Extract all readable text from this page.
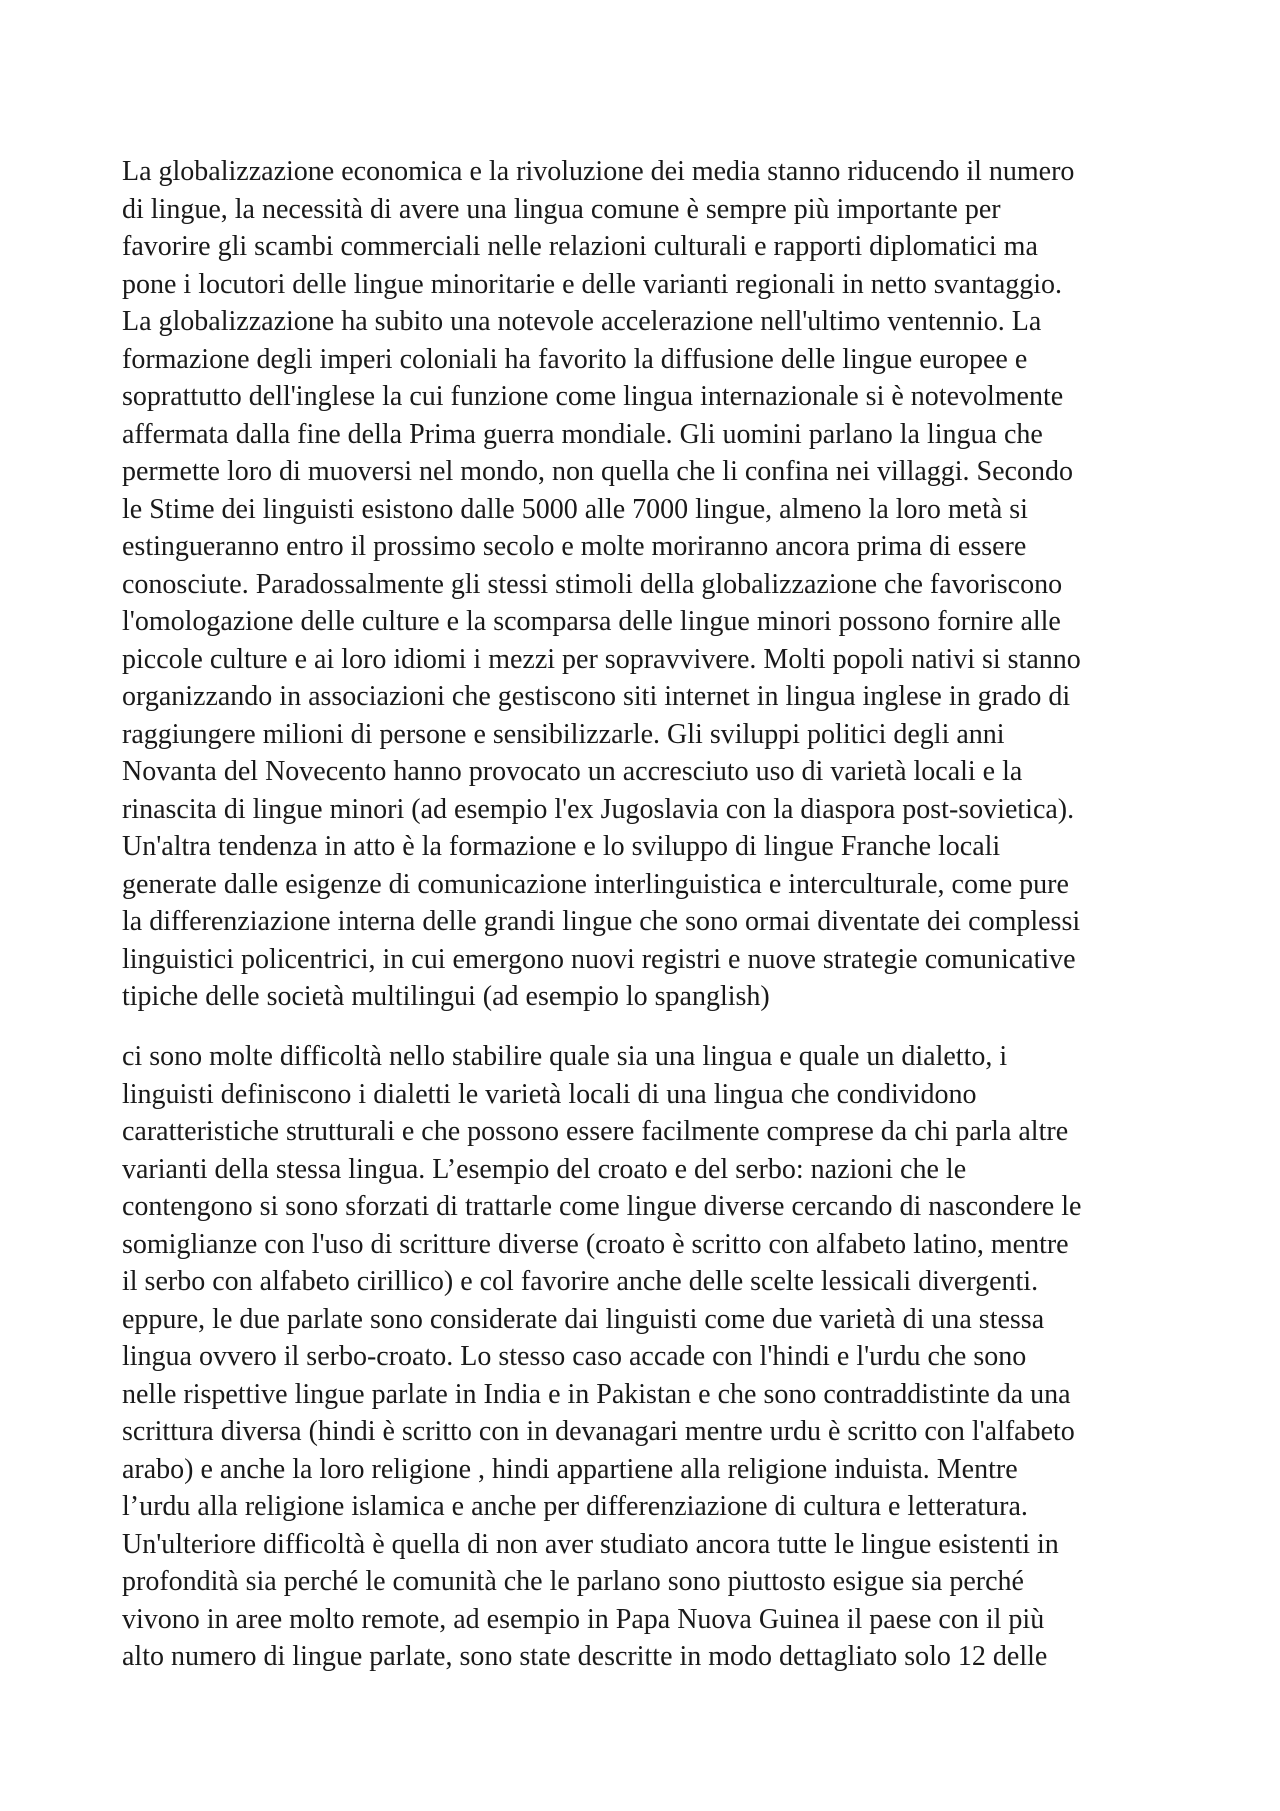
La globalizzazione economica e la rivoluzione dei media stanno riducendo il numero
di lingue, la necessità di avere una lingua comune è sempre più importante per
favorire gli scambi commerciali nelle relazioni culturali e rapporti diplomatici ma
pone i locutori delle lingue minoritarie e delle varianti regionali in netto svantaggio.
La globalizzazione ha subito una notevole accelerazione nell'ultimo ventennio. La
formazione degli imperi coloniali ha favorito la diffusione delle lingue europee e
soprattutto dell'inglese la cui funzione come lingua internazionale si è notevolmente
affermata dalla fine della Prima guerra mondiale. Gli uomini parlano la lingua che
permette loro di muoversi nel mondo, non quella che li confina nei villaggi. Secondo
le Stime dei linguisti esistono dalle 5000 alle 7000 lingue, almeno la loro metà si
estingueranno entro il prossimo secolo e molte moriranno ancora prima di essere
conosciute. Paradossalmente gli stessi stimoli della globalizzazione che favoriscono
l'omologazione delle culture e la scomparsa delle lingue minori possono fornire alle
piccole culture e ai loro idiomi i mezzi per sopravvivere. Molti popoli nativi si stanno
organizzando in associazioni che gestiscono siti internet in lingua inglese in grado di
raggiungere milioni di persone e sensibilizzarle. Gli sviluppi politici degli anni
Novanta del Novecento hanno provocato un accresciuto uso di varietà locali e la
rinascita di lingue minori (ad esempio l'ex Jugoslavia con la diaspora post-sovietica).
Un'altra tendenza in atto è la formazione e lo sviluppo di lingue Franche locali
generate dalle esigenze di comunicazione interlinguistica e interculturale, come pure
la differenziazione interna delle grandi lingue che sono ormai diventate dei complessi
linguistici policentrici, in cui emergono nuovi registri e nuove strategie comunicative
tipiche delle società multilingui (ad esempio lo spanglish)

ci sono molte difficoltà nello stabilire quale sia una lingua e quale un dialetto, i
linguisti definiscono i dialetti le varietà locali di una lingua che condividono
caratteristiche strutturali e che possono essere facilmente comprese da chi parla altre
varianti della stessa lingua. L’esempio del croato e del serbo: nazioni che le
contengono si sono sforzati di trattarle come lingue diverse cercando di nascondere le
somiglianze con l'uso di scritture diverse (croato è scritto con alfabeto latino, mentre
il serbo con alfabeto cirillico) e col favorire anche delle scelte lessicali divergenti.
eppure, le due parlate sono considerate dai linguisti come due varietà di una stessa
lingua ovvero il serbo-croato. Lo stesso caso accade con l'hindi e l'urdu che sono
nelle rispettive lingue parlate in India e in Pakistan e che sono contraddistinte da una
scrittura diversa (hindi è scritto con in devanagari mentre urdu è scritto con l'alfabeto
arabo) e anche la loro religione , hindi appartiene alla religione induista. Mentre
l’urdu alla religione islamica e anche per differenziazione di cultura e letteratura.
Un'ulteriore difficoltà è quella di non aver studiato ancora tutte le lingue esistenti in
profondità sia perché le comunità che le parlano sono piuttosto esigue sia perché
vivono in aree molto remote, ad esempio in Papa Nuova Guinea il paese con il più
alto numero di lingue parlate, sono state descritte in modo dettagliato solo 12 delle
